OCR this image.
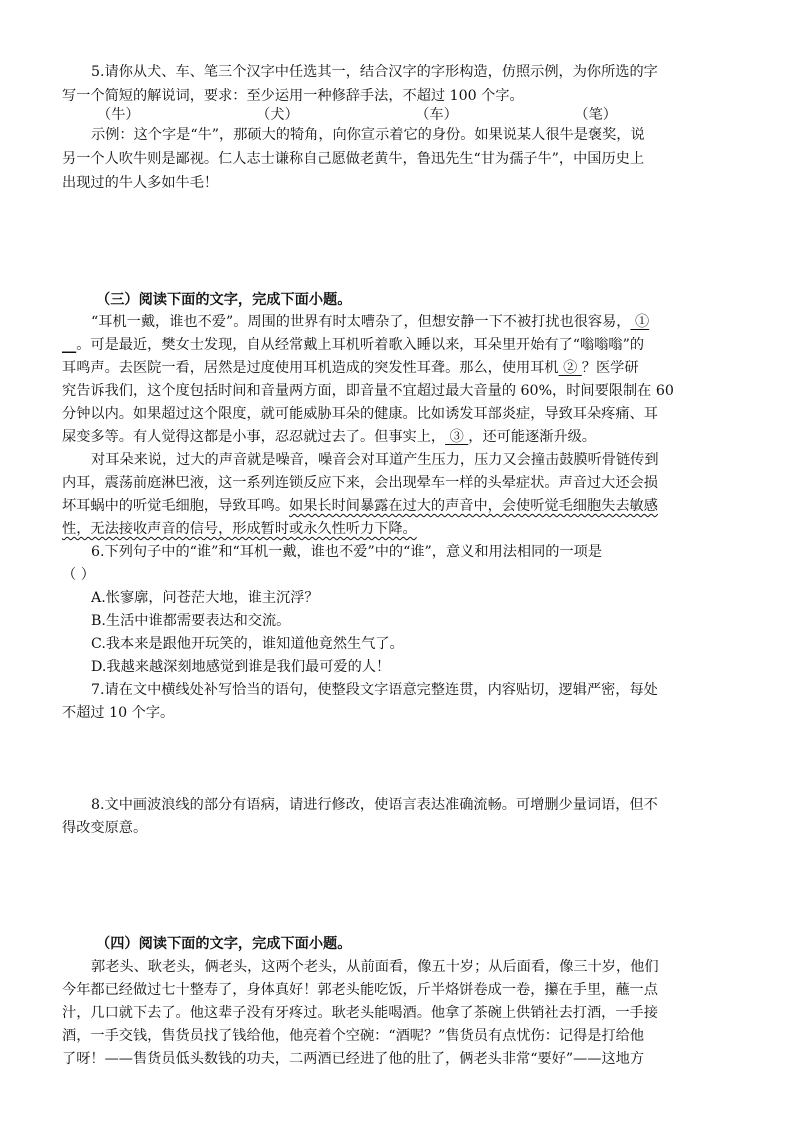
5.请你从犬、车、笔三个汉字中任选其一，结合汉字的字形构造，仿照示例，为你所选的字
写一个简短的解说词，要求：至少运用一种修辞手法，不超过 100 个字。
（牛）	（犬）	（车）	（笔）
示例：这个字是“牛”，那硕大的犄角，向你宣示着它的身份。如果说某人很牛是褒奖，说
另一个人吹牛则是鄙视。仁人志士谦称自己愿做老黄牛，鲁迅先生“甘为孺子牛”，中国历史上
出现过的牛人多如牛毛！
（三）阅读下面的文字，完成下面小题。
“耳机一戴，谁也不爱”。周围的世界有时太嘈杂了，但想安静一下不被打扰也很容易， ①
__。可是最近，樊女士发现，自从经常戴上耳机听着歌入睡以来，耳朵里开始有了“嗡嗡嗡”的
耳鸣声。去医院一看，居然是过度使用耳机造成的突发性耳聋。那么，使用耳机 ② ？医学研
究告诉我们，这个度包括时间和音量两方面，即音量不宜超过最大音量的 60%，时间要限制在 60
分钟以内。如果超过这个限度，就可能威胁耳朵的健康。比如诱发耳部炎症，导致耳朵疼痛、耳
屎变多等。有人觉得这都是小事，忍忍就过去了。但事实上， ③ ，还可能逐渐升级。
对耳朵来说，过大的声音就是噪音，噪音会对耳道产生压力，压力又会撞击鼓膜听骨链传到
内耳，震荡前庭淋巴液，这一系列连锁反应下来，会出现晕车一样的头晕症状。声音过大还会损
坏耳蜗中的听觉毛细胞，导致耳鸣。如果长时间暴露在过大的声音中，会使听觉毛细胞失去敏感
性，无法接收声音的信号，形成暂时或永久性听力下降。
6.下列句子中的“谁”和“耳机一戴，谁也不爱”中的“谁”，意义和用法相同的一项是
（ ）
A.怅寥廓，问苍茫大地，谁主沉浮？
B.生活中谁都需要表达和交流。
C.我本来是跟他开玩笑的，谁知道他竟然生气了。
D.我越来越深刻地感觉到谁是我们最可爱的人！
7.请在文中横线处补写恰当的语句，使整段文字语意完整连贯，内容贴切，逻辑严密，每处
不超过 10 个字。
8.文中画波浪线的部分有语病，请进行修改，使语言表达准确流畅。可增删少量词语，但不
得改变原意。
（四）阅读下面的文字，完成下面小题。
郭老头、耿老头，俩老头，这两个老头，从前面看，像五十岁；从后面看，像三十岁，他们
今年都已经做过七十整寿了，身体真好！郭老头能吃饭，斤半烙饼卷成一卷，攥在手里，蘸一点
汁，几口就下去了。他这辈子没有牙疼过。耿老头能喝酒。他拿了茶碗上供销社去打酒，一手接
酒，一手交钱，售货员找了钱给他，他亮着个空碗：“酒呢？”售货员有点忧伤：记得是打给他
了呀！——售货员低头数钱的功夫，二两酒已经进了他的肚了，俩老头非常“要好”——这地方
